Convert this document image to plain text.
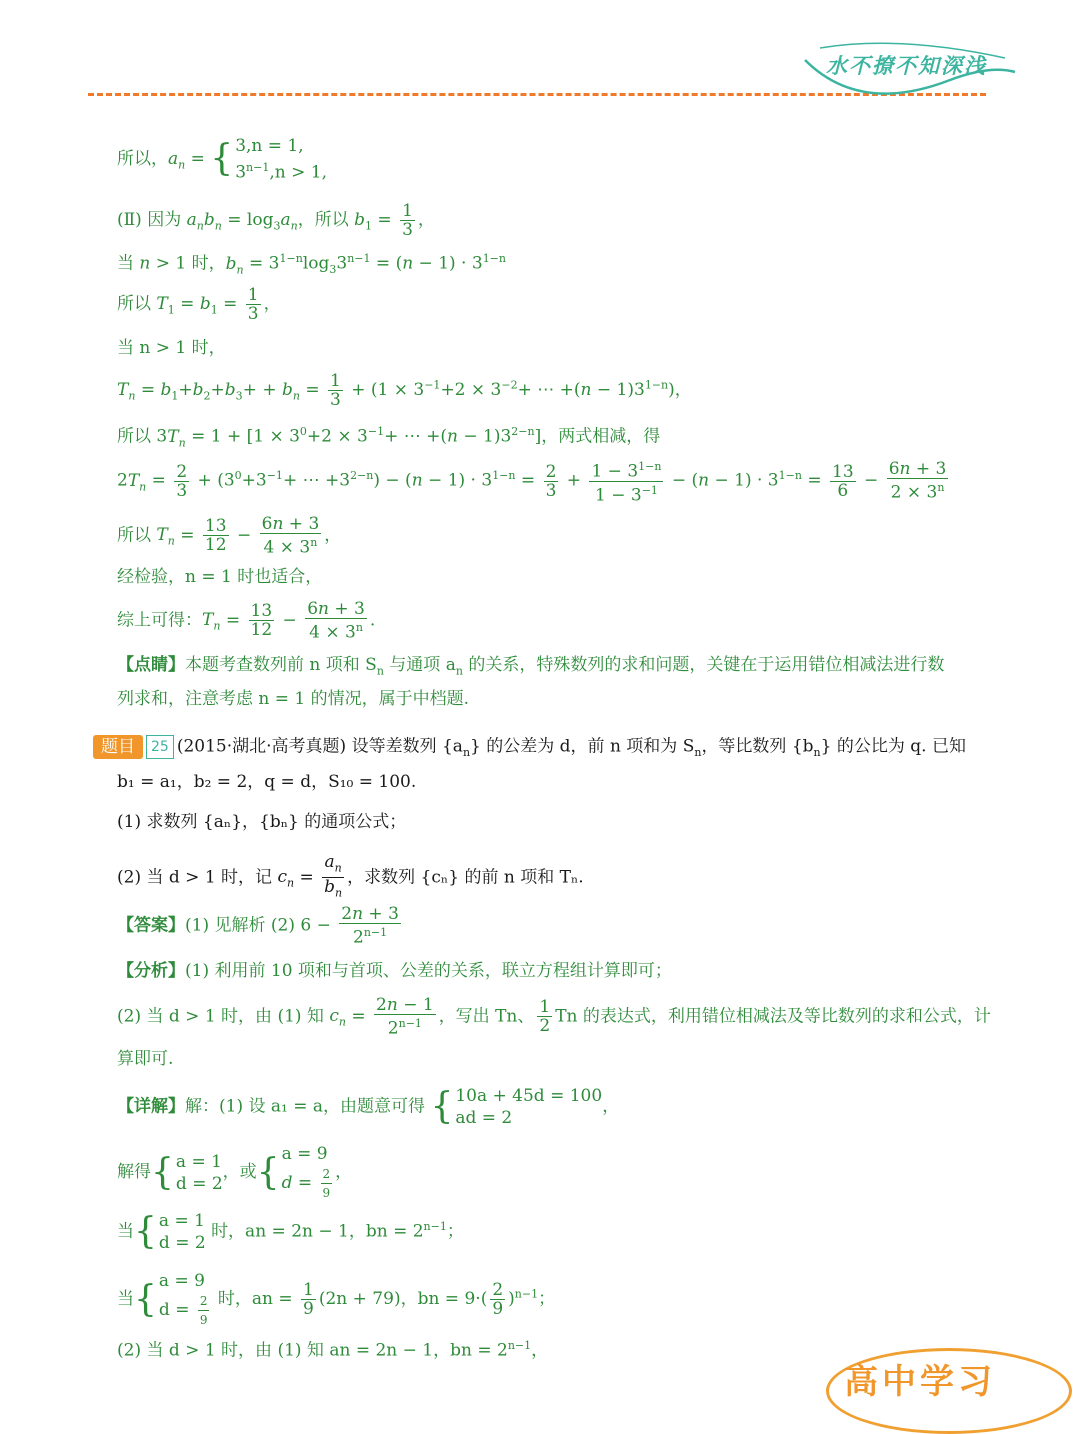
水不撩不知深浅
所以，$a_n$ = { 3,n = 1,
$3^{n-1},n > 1$,
(Ⅱ) 因为 $a_nb_n = \log_3a_n$，所以 $b_1 = \frac{1}{3}$ ，
当 n > 1 时，$b_n = 3^{1-n}\log_33^{n-1} = (n - 1) \cdot 3^{1-n}$
所以 $T_1 = b_1 = \frac{1}{3}$ ，
当 n > 1 时，
$T_n = b_1+b_2+b_3+ + b_n = \frac{1}{3} + (1 \times 3^{-1}+2 \times 3^{-2}+$ ⋯ $+(n - 1)3^{1-n}$)，
所以 $3T_n = 1 + [1 \times 3^0+2 \times 3^{-1}+$ ⋯ $+(n - 1)3^{2-n}$]，两式相减，得
$2T_n = \frac{2}{3} + (3^0+3^{-1}+$ ⋯ $+3^{2-n}) - (n - 1) \cdot 3^{1-n} = \frac{2}{3} + \frac{1 - 3^{1-n}}{1 - 3^{-1}} - (n - 1) \cdot 3^{1-n} = \frac{13}{6} - \frac{6n + 3}{2 \times 3^n}$
所以 $T_n = \frac{13}{12} - \frac{6n + 3}{4 \times 3^n}$ ，
经检验，n = 1 时也适合，
综上可得：$T_n = \frac{13}{12} - \frac{6n + 3}{4 \times 3^n}$ .
【点睛】本题考查数列前 n 项和 $S_n$ 与通项 $a_n$ 的关系，特殊数列的求和问题，关键在于运用错位相减法进行数
列求和，注意考虑 n = 1 的情况，属于中档题.
题目 25 (2015·湖北·高考真题) 设等差数列 $\{a_n\}$ 的公差为 d，前 n 项和为 $S_n$，等比数列 $\{b_n\}$ 的公比为 q. 已知
b₁ = a₁，b₂ = 2，q = d，S₁₀ = 100.
(1) 求数列 {aₙ}，{bₙ} 的通项公式；
(2) 当 d > 1 时，记 $c_n = \frac{a_n}{b_n}$ ，求数列 {cₙ} 的前 n 项和 Tₙ.
【答案】(1) 见解析 (2) $6 - \frac{2n + 3}{2^{n-1}}$
【分析】(1) 利用前 10 项和与首项、公差的关系，联立方程组计算即可；
(2) 当 d > 1 时，由 (1) 知 $c_n = \frac{2n - 1}{2^{n-1}}$ ，写出 Tn、 $\frac{1}{2}$ Tn 的表达式，利用错位相减法及等比数列的求和公式，计
算即可.
【详解】解：(1) 设 a₁ = a，由题意可得 { 10a + 45d = 100
ad = 2，
解得{ a = 1
d = 2，或{ a = 9
$d = \frac{2}{9}$ ，
当{ a = 1
d = 2 时，an = 2n − 1，bn = $2^{n-1}$；
当{ a = 9
$d = \frac{2}{9}$ 时，an = $\frac{1}{9} (2n + 79)$，bn = $9\cdot( \frac{2}{9} )^{n-1}$；
(2) 当 d > 1 时，由 (1) 知 an = 2n − 1，bn = $2^{n-1}$，
高中学习
